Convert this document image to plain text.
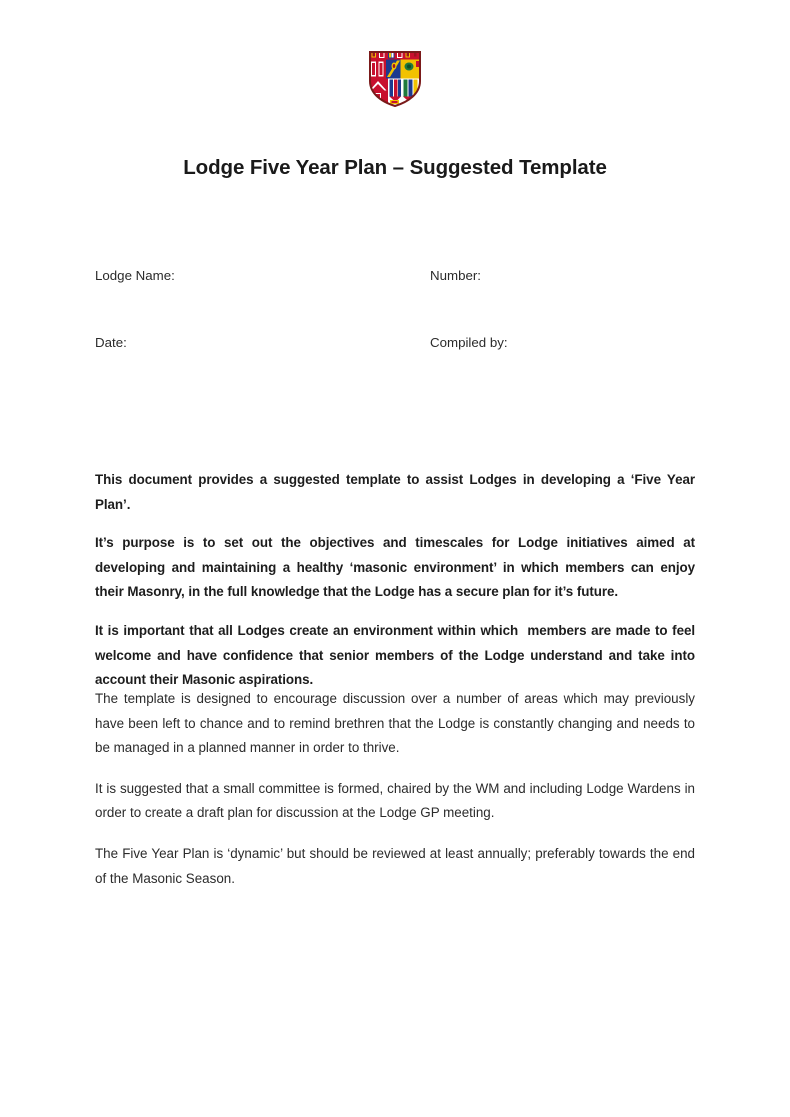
Lodge Five Year Plan – Suggested Template
Lodge Name:	Number:
Date:	Compiled by:

This document provides a suggested template to assist Lodges in developing a ‘Five Year Plan’.

It’s purpose is to set out the objectives and timescales for Lodge initiatives aimed at developing and maintaining a healthy ‘masonic environment’ in which members can enjoy their Masonry, in the full knowledge that the Lodge has a secure plan for it’s future.

It is important that all Lodges create an environment within which  members are made to feel welcome and have confidence that senior members of the Lodge understand and take into account their Masonic aspirations.

The template is designed to encourage discussion over a number of areas which may previously have been left to chance and to remind brethren that the Lodge is constantly changing and needs to be managed in a planned manner in order to thrive.

It is suggested that a small committee is formed, chaired by the WM and including Lodge Wardens in order to create a draft plan for discussion at the Lodge GP meeting.

The Five Year Plan is ‘dynamic’ but should be reviewed at least annually; preferably towards the end of the Masonic Season.
